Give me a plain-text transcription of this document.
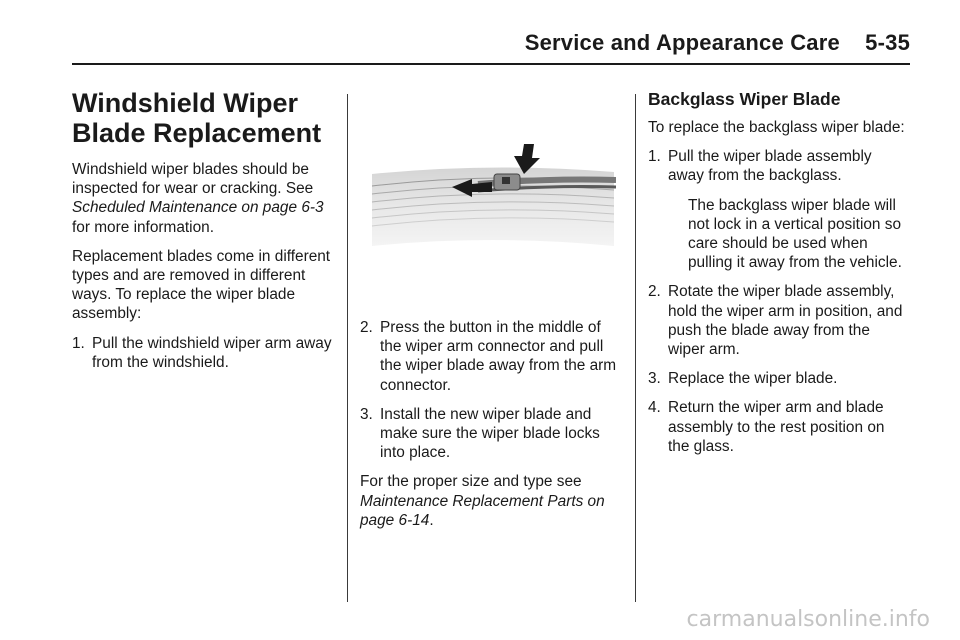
Service and Appearance Care    5-35
Windshield Wiper
Blade Replacement

Windshield wiper blades should be inspected for wear or cracking. See Scheduled Maintenance on page 6-3 for more information.

Replacement blades come in different types and are removed in different ways. To replace the wiper blade assembly:

1. Pull the windshield wiper arm away from the windshield.
2. Press the button in the middle of the wiper arm connector and pull the wiper blade away from the arm connector.
3. Install the new wiper blade and make sure the wiper blade locks into place.

For the proper size and type see Maintenance Replacement Parts on page 6-14.

Backglass Wiper Blade

To replace the backglass wiper blade:

1. Pull the wiper blade assembly away from the backglass.
The backglass wiper blade will not lock in a vertical position so care should be used when pulling it away from the vehicle.
2. Rotate the wiper blade assembly, hold the wiper arm in position, and push the blade away from the wiper arm.
3. Replace the wiper blade.
4. Return the wiper arm and blade assembly to the rest position on the glass.
carmanualsonline.info
